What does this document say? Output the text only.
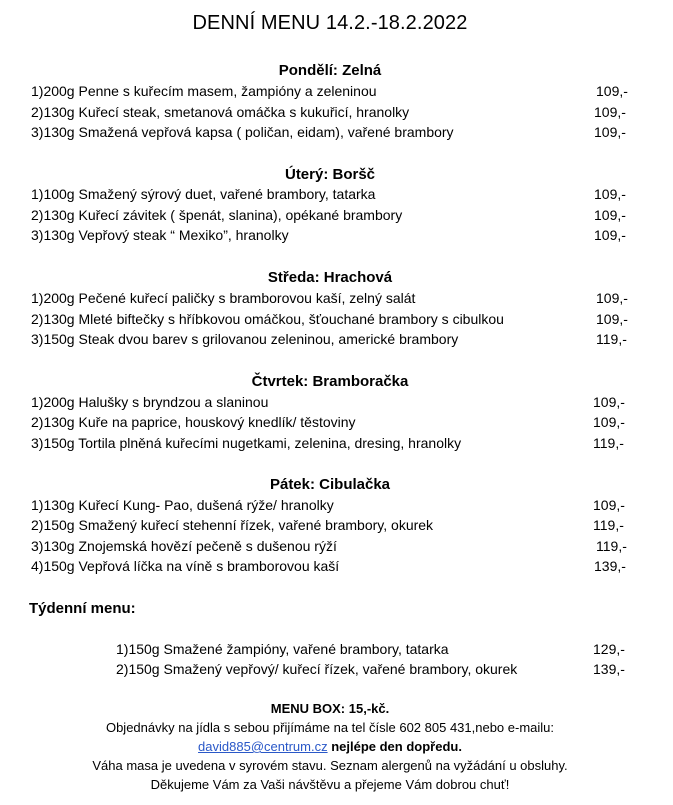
DENNÍ MENU 14.2.-18.2.2022
Pondělí: Zelná
1)200g Penne s kuřecím masem, žampióny a zeleninou	109,-
2)130g Kuřecí steak, smetanová omáčka s kukuřicí, hranolky	109,-
3)130g Smažená vepřová kapsa ( poličan, eidam), vařené brambory	109,-
Úterý: Boršč
1)100g Smažený sýrový duet, vařené brambory, tatarka	109,-
2)130g Kuřecí závitek ( špenát, slanina), opékané brambory	109,-
3)130g Vepřový steak “ Mexiko”, hranolky	109,-
Středa: Hrachová
1)200g Pečené kuřecí paličky s bramborovou kaší, zelný salát	109,-
2)130g Mleté biftečky s hříbkovou omáčkou, šťouchané brambory s cibulkou	109,-
3)150g Steak dvou barev s grilovanou zeleninou, americké brambory	119,-
Čtvrtek: Bramboračka
1)200g Halušky s bryndzou a slaninou	109,-
2)130g Kuře na paprice, houskový knedlík/ těstoviny	109,-
3)150g Tortila plněná kuřecími nugetkami, zelenina, dresing, hranolky	119,-
Pátek: Cibulačka
1)130g Kuřecí Kung- Pao, dušená rýže/ hranolky	109,-
2)150g Smažený kuřecí stehenní řízek, vařené brambory, okurek	119,-
3)130g Znojemská hovězí pečeně s dušenou rýží	119,-
4)150g Vepřová líčka na víně s bramborovou kaší	139,-
Týdenní menu:
1)150g Smažené žampióny, vařené brambory, tatarka	129,-
2)150g Smažený vepřový/ kuřecí řízek, vařené brambory, okurek	139,-
MENU BOX: 15,-kč.
Objednávky na jídla s sebou přijímáme na tel čísle 602 805 431,nebo e-mailu:
david885@centrum.cz nejlépe den dopředu.
Váha masa je uvedena v syrovém stavu. Seznam alergenů na vyžádání u obsluhy.
Děkujeme Vám za Vaši návštěvu a přejeme Vám dobrou chuť!
